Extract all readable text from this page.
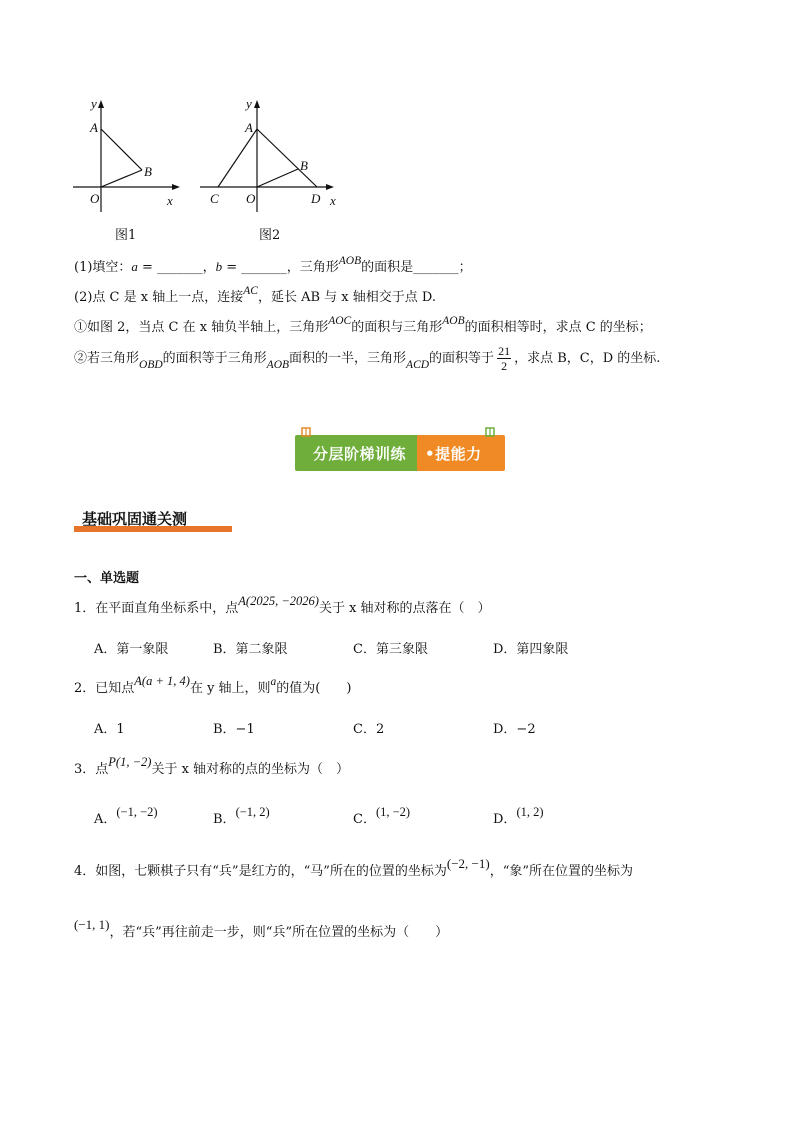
y
A
B
O	x
图1
y
A
B
C O	D x
图2
(1)填空：a = _______，b = _______，三角形AOB的面积是_______；
(2)点 C 是 x 轴上一点，连接AC，延长 AB 与 x 轴相交于点 D.
①如图 2，当点 C 在 x 轴负半轴上，三角形AOC的面积与三角形AOB的面积相等时，求点 C 的坐标；
②若三角形OBD的面积等于三角形AOB面积的一半，三角形ACD的面积等于 $\frac{21}{2}$ ，求点 B，C，D 的坐标.
分层阶梯训练 •提能力
基础巩固通关测
一、单选题
1．在平面直角坐标系中，点A(2025, −2026)关于 x 轴对称的点落在（　）
A．第一象限	B．第二象限	C．第三象限	D．第四象限
2．已知点A(a + 1, 4)在 y 轴上，则a的值为(　　)
A．1	B．−1	C．2	D．−2
3．点P(1, −2)关于 x 轴对称的点的坐标为（　）
A．(−1, −2)	B．(−1, 2)	C．(1, −2)	D．(1, 2)
4．如图，七颗棋子只有“兵”是红方的，“马”所在的位置的坐标为(−2, −1)，“象”所在位置的坐标为
(−1, 1)，若“兵”再往前走一步，则“兵”所在位置的坐标为（　　）
